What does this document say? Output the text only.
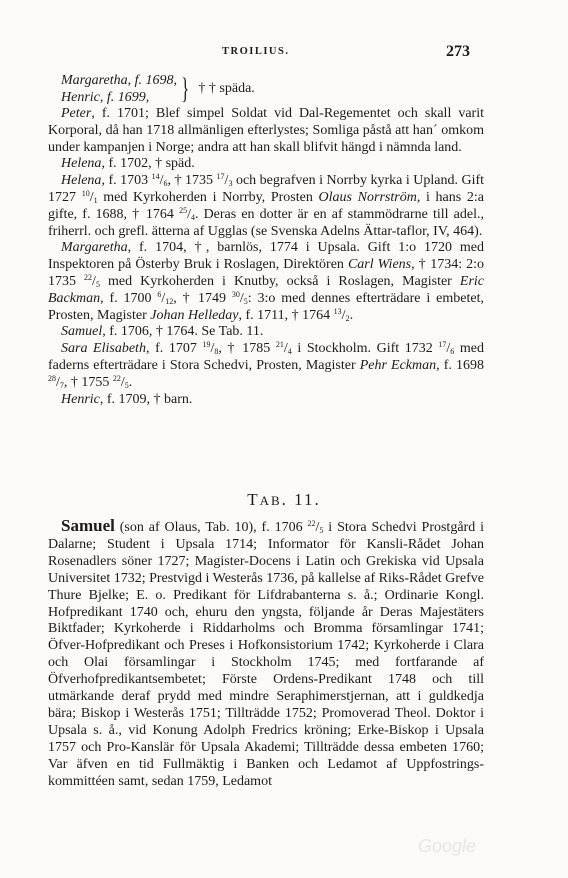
TROILIUS.	273
Margaretha, f. 1698,
Henric, f. 1699,	} † † späda.

Peter, f. 1701; Blef simpel Soldat vid Dal-Regementet och skall varit Korporal, då han 1718 allmänligen efterlystes; Somliga påstå att han´ omkom under kampanjen i Norge; andra att han skall blifvit hängd i nämnda land.

Helena, f. 1702, † späd.

Helena, f. 1703 $^{14}/_6$, † 1735 $^{17}/_3$ och begrafven i Norrby kyrka i Upland. Gift 1727 $^{10}/_1$ med Kyrkoherden i Norrby, Prosten Olaus Norrström, i hans 2:a gifte, f. 1688, † 1764 $^{25}/_4$. Deras en dotter är en af stammödrarne till adel., friherrl. och grefl. ätterna af Ugglas (se Svenska Adelns Ättar-taflor, IV, 464).

Margaretha, f. 1704, †, barnlös, 1774 i Upsala. Gift 1:o 1720 med Inspektoren på Österby Bruk i Roslagen, Direktören Carl Wiens, † 1734: 2:o 1735 $^{22}/_5$ med Kyrkoherden i Knutby, också i Roslagen, Magister Eric Backman, f. 1700 $^6/_{12}$, † 1749 $^{30}/_5$: 3:o med dennes efterträdare i embetet, Prosten, Magister Johan Helleday, f. 1711, † 1764 $^{13}/_2$.

Samuel, f. 1706, † 1764. Se Tab. 11.

Sara Elisabeth, f. 1707 $^{19}/_8$, † 1785 $^{21}/_4$ i Stockholm. Gift 1732 $^{17}/_6$ med faderns efterträdare i Stora Schedvi, Prosten, Magister Pehr Eckman, f. 1698 $^{28}/_7$, † 1755 $^{22}/_5$.

Henric, f. 1709, † barn.

TAB. 11.

Samuel (son af Olaus, Tab. 10), f. 1706 $^{22}/_5$ i Stora Schedvi Prostgård i Dalarne; Student i Upsala 1714; Informator för Kansli-Rådet Johan Rosenadlers söner 1727; Magister-Docens i Latin och Grekiska vid Upsala Universitet 1732; Prestvigd i Westerås 1736, på kallelse af Riks-Rådet Grefve Thure Bjelke; E. o. Predikant för Lifdrabanterna s. å.; Ordinarie Kongl. Hofpredikant 1740 och, ehuru den yngsta, följande år Deras Majestäters Biktfader; Kyrkoherde i Riddarholms och Bromma församlingar 1741; Öfver-Hofpredikant och Preses i Hofkonsistorium 1742; Kyrkoherde i Clara och Olai församlingar i Stockholm 1745; med fortfarande af Öfverhofpredikantsembetet; Förste Ordens-Predikant 1748 och till utmärkande deraf prydd med mindre Seraphimerstjernan, att i guldkedja bära; Biskop i Westerås 1751; Tillträdde 1752; Promoverad Theol. Doktor i Upsala s. å., vid Konung Adolph Fredrics kröning; Erke-Biskop i Upsala 1757 och Pro-Kanslär för Upsala Akademi; Tillträdde dessa embeten 1760; Var äfven en tid Fullmäktig i Banken och Ledamot af Uppfostrings-kommittéen samt, sedan 1759, Ledamot

Google
